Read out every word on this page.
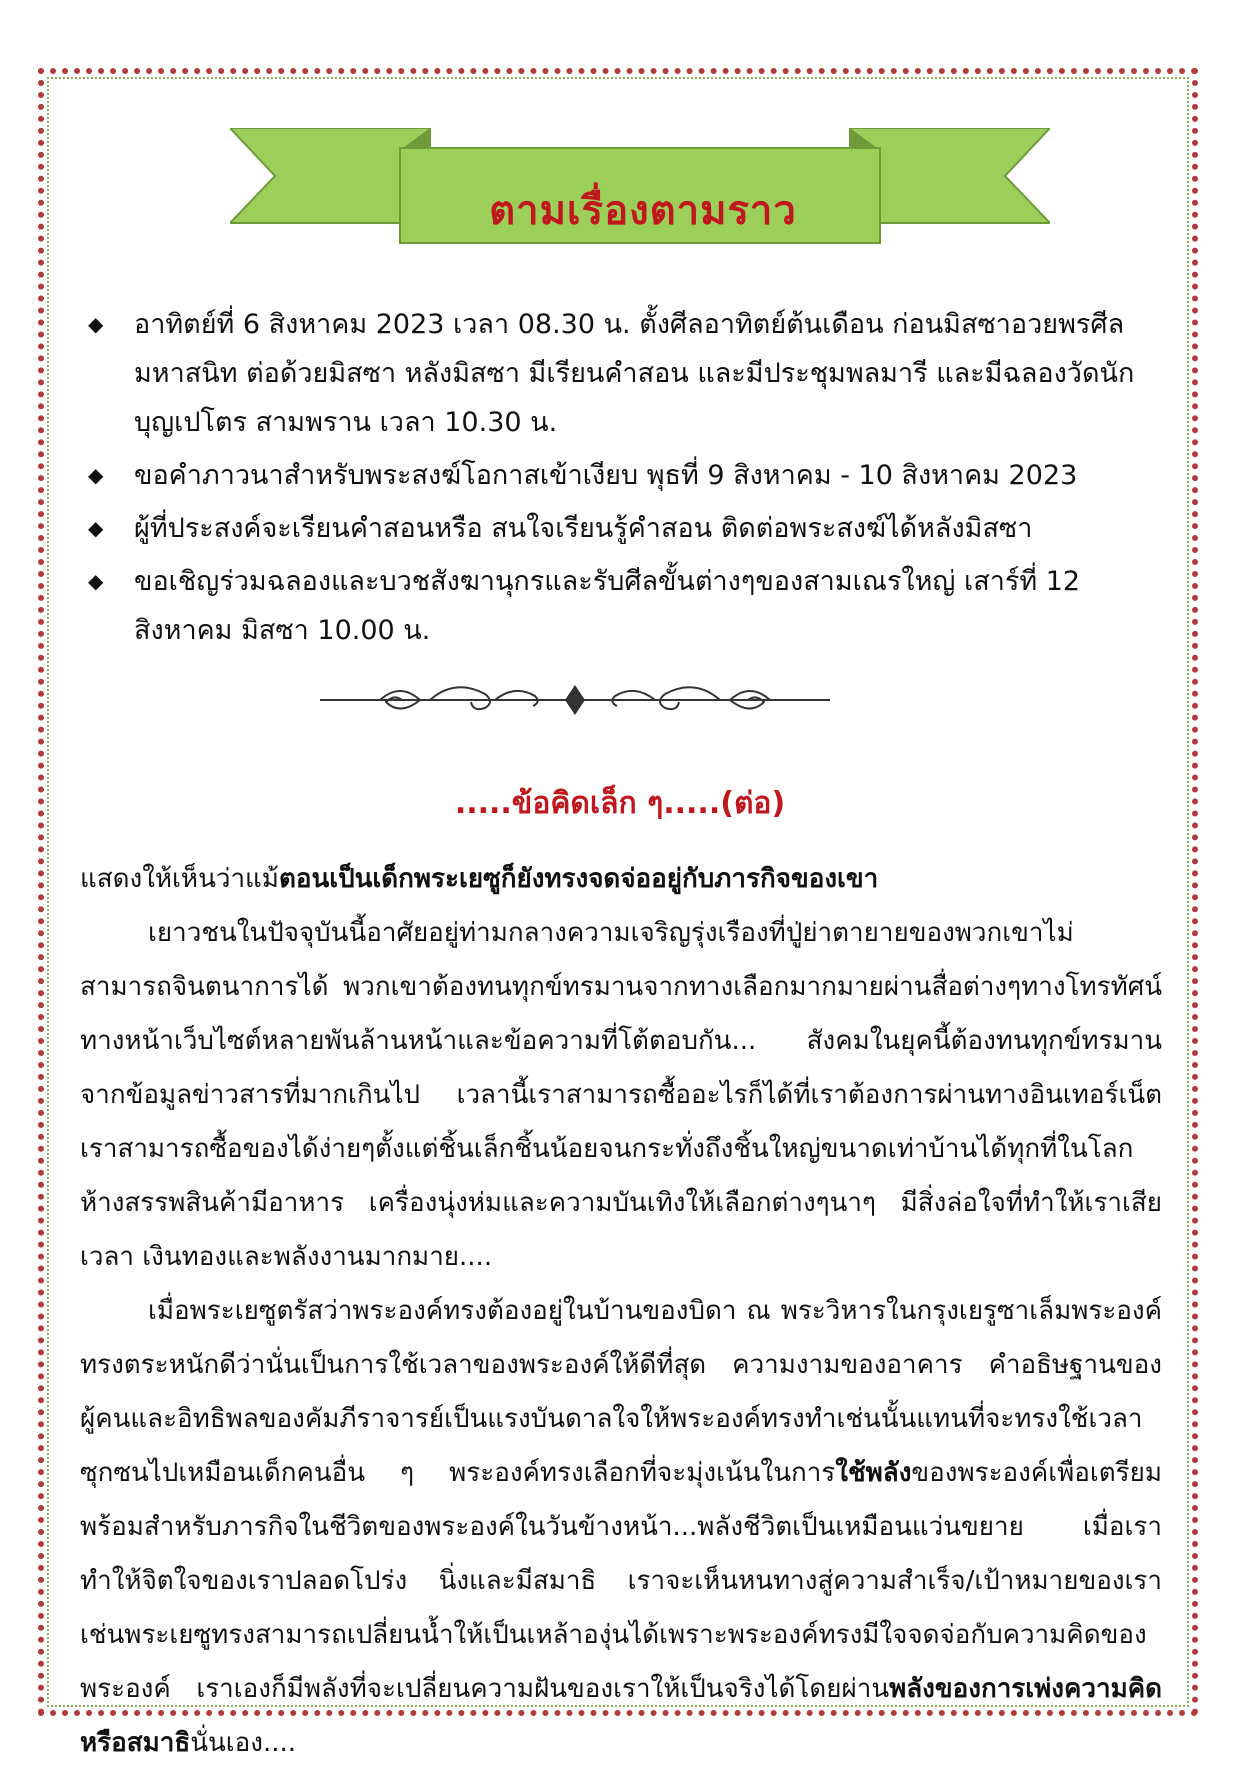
ตามเรื่องตามราว
◆ อาทิตย์ที่ 6 สิงหาคม 2023 เวลา 08.30 น. ตั้งศีลอาทิตย์ต้นเดือน ก่อนมิสซาอวยพรศีลมหาสนิท ต่อด้วยมิสซา หลังมิสซา มีเรียนคำสอน และมีประชุมพลมารี และมีฉลองวัดนักบุญเปโตร สามพราน เวลา 10.30 น.
◆ ขอคำภาวนาสำหรับพระสงฆ์โอกาสเข้าเงียบ พุธที่ 9 สิงหาคม - 10 สิงหาคม 2023
◆ ผู้ที่ประสงค์จะเรียนคำสอนหรือ สนใจเรียนรู้คำสอน ติดต่อพระสงฆ์ได้หลังมิสซา
◆ ขอเชิญร่วมฉลองและบวชสังฆานุกรและรับศีลขั้นต่างๆของสามเณรใหญ่ เสาร์ที่ 12 สิงหาคม มิสซา 10.00 น.
.....ข้อคิดเล็ก ๆ.....(ต่อ)

แสดงให้เห็นว่าแม้ตอนเป็นเด็กพระเยซูก็ยังทรงจดจ่ออยู่กับภารกิจของเขา

เยาวชนในปัจจุบันนี้อาศัยอยู่ท่ามกลางความเจริญรุ่งเรืองที่ปู่ย่าตายายของพวกเขาไม่สามารถจินตนาการได้ พวกเขาต้องทนทุกข์ทรมานจากทางเลือกมากมายผ่านสื่อต่างๆทางโทรทัศน์ ทางหน้าเว็บไซต์หลายพันล้านหน้าและข้อความที่โต้ตอบกัน... สังคมในยุคนี้ต้องทนทุกข์ทรมานจากข้อมูลข่าวสารที่มากเกินไป เวลานี้เราสามารถซื้ออะไรก็ได้ที่เราต้องการผ่านทางอินเทอร์เน็ต เราสามารถซื้อของได้ง่ายๆตั้งแต่ชิ้นเล็กชิ้นน้อยจนกระทั่งถึงชิ้นใหญ่ขนาดเท่าบ้านได้ทุกที่ในโลก ห้างสรรพสินค้ามีอาหาร เครื่องนุ่งห่มและความบันเทิงให้เลือกต่างๆนาๆ มีสิ่งล่อใจที่ทำให้เราเสียเวลา เงินทองและพลังงานมากมาย....

เมื่อพระเยซูตรัสว่าพระองค์ทรงต้องอยู่ในบ้านของบิดา ณ พระวิหารในกรุงเยรูซาเล็มพระองค์ทรงตระหนักดีว่านั่นเป็นการใช้เวลาของพระองค์ให้ดีที่สุด ความงามของอาคาร คำอธิษฐานของผู้คนและอิทธิพลของคัมภีราจารย์เป็นแรงบันดาลใจให้พระองค์ทรงทำเช่นนั้นแทนที่จะทรงใช้เวลาซุกซนไปเหมือนเด็กคนอื่น ๆ พระองค์ทรงเลือกที่จะมุ่งเน้นในการใช้พลังของพระองค์เพื่อเตรียมพร้อมสำหรับภารกิจในชีวิตของพระองค์ในวันข้างหน้า...พลังชีวิตเป็นเหมือนแว่นขยาย เมื่อเราทำให้จิตใจของเราปลอดโปร่ง นิ่งและมีสมาธิ เราจะเห็นหนทางสู่ความสำเร็จ/เป้าหมายของเรา เช่นพระเยซูทรงสามารถเปลี่ยนน้ำให้เป็นเหล้าองุ่นได้เพราะพระองค์ทรงมีใจจดจ่อกับความคิดของพระองค์ เราเองก็มีพลังที่จะเปลี่ยนความฝันของเราให้เป็นจริงได้โดยผ่านพลังของการเพ่งความคิดหรือสมาธินั่นเอง....
